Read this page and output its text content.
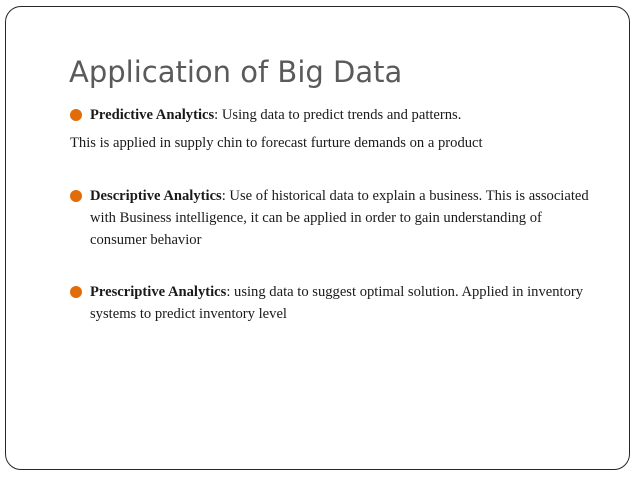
Application of Big Data
Predictive Analytics: Using data to predict trends and patterns.
This is applied in supply chin to forecast furture demands on a product
Descriptive Analytics: Use of historical data to explain a business. This is associated with Business intelligence, it can be applied in order to gain understanding of consumer behavior
Prescriptive Analytics: using data to suggest optimal solution. Applied in inventory systems to predict inventory level
